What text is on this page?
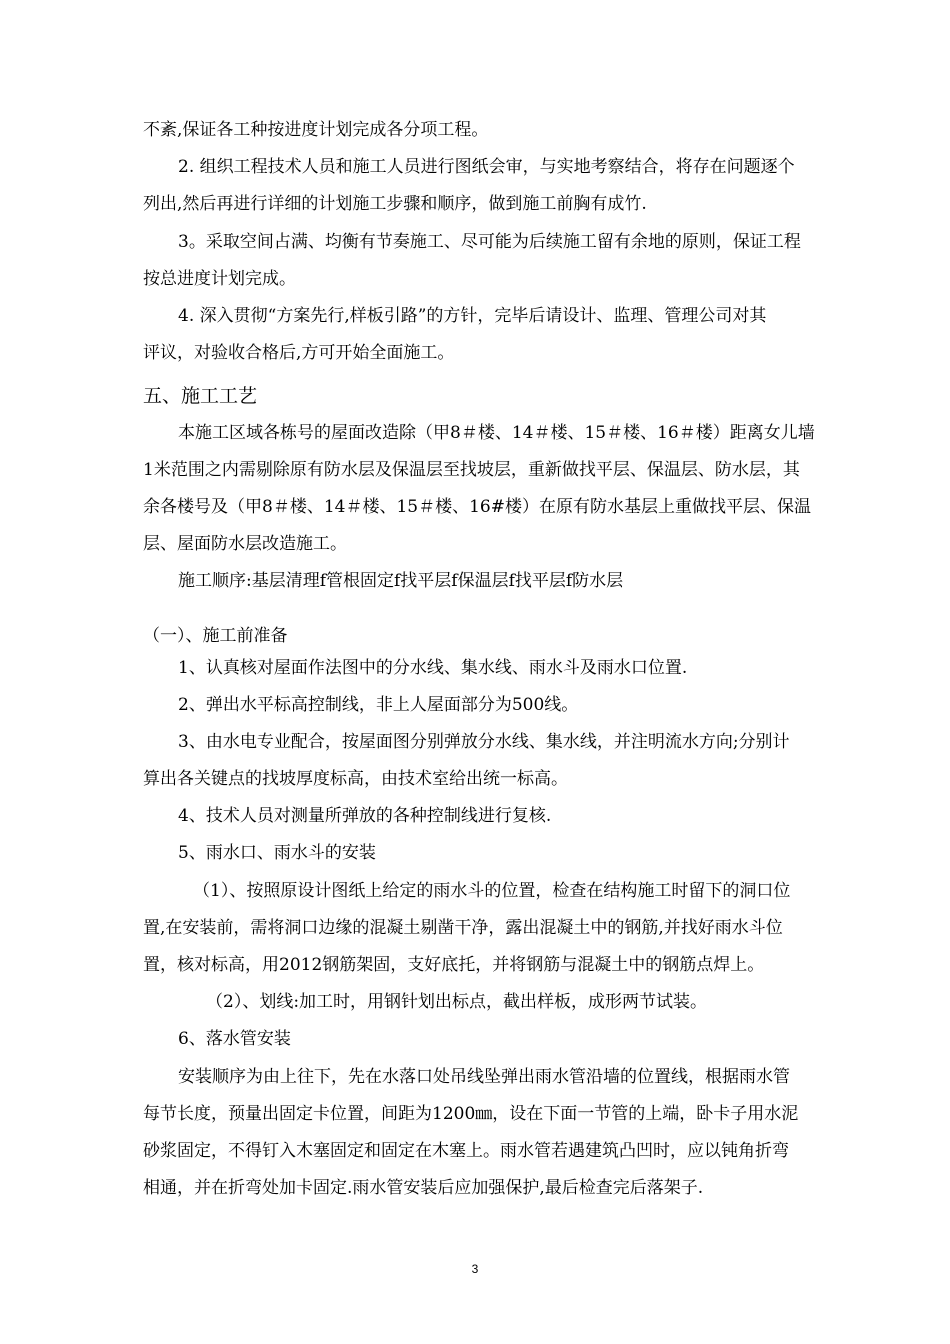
不紊,保证各工种按进度计划完成各分项工程。
2. 组织工程技术人员和施工人员进行图纸会审，与实地考察结合，将存在问题逐个
列出,然后再进行详细的计划施工步骤和顺序，做到施工前胸有成竹.
3。采取空间占满、均衡有节奏施工、尽可能为后续施工留有余地的原则，保证工程
按总进度计划完成。
4. 深入贯彻“方案先行,样板引路”的方针，完毕后请设计、监理、管理公司对其
评议，对验收合格后,方可开始全面施工。
五、施工工艺
本施工区域各栋号的屋面改造除（甲8＃楼、14＃楼、15＃楼、16＃楼）距离女儿墙
1米范围之内需剔除原有防水层及保温层至找坡层，重新做找平层、保温层、防水层，其
余各楼号及（甲8＃楼、14＃楼、15＃楼、16#楼）在原有防水基层上重做找平层、保温
层、屋面防水层改造施工。
施工顺序:基层清理f管根固定f找平层f保温层f找平层f防水层
（一）、施工前准备
1、认真核对屋面作法图中的分水线、集水线、雨水斗及雨水口位置.
2、弹出水平标高控制线，非上人屋面部分为500线。
3、由水电专业配合，按屋面图分别弹放分水线、集水线，并注明流水方向;分别计
算出各关键点的找坡厚度标高，由技术室给出统一标高。
4、技术人员对测量所弹放的各种控制线进行复核.
5、雨水口、雨水斗的安装
（1）、按照原设计图纸上给定的雨水斗的位置，检查在结构施工时留下的洞口位
置,在安装前，需将洞口边缘的混凝土剔凿干净，露出混凝土中的钢筋,并找好雨水斗位
置，核对标高，用2012钢筋架固，支好底托，并将钢筋与混凝土中的钢筋点焊上。
（2）、划线:加工时，用钢针划出标点，截出样板，成形两节试装。
6、落水管安装
安装顺序为由上往下，先在水落口处吊线坠弹出雨水管沿墙的位置线，根据雨水管
每节长度，预量出固定卡位置，间距为1200㎜，设在下面一节管的上端，卧卡子用水泥
砂浆固定，不得钉入木塞固定和固定在木塞上。雨水管若遇建筑凸凹时，应以钝角折弯
相通，并在折弯处加卡固定.雨水管安装后应加强保护,最后检查完后落架子.
3
